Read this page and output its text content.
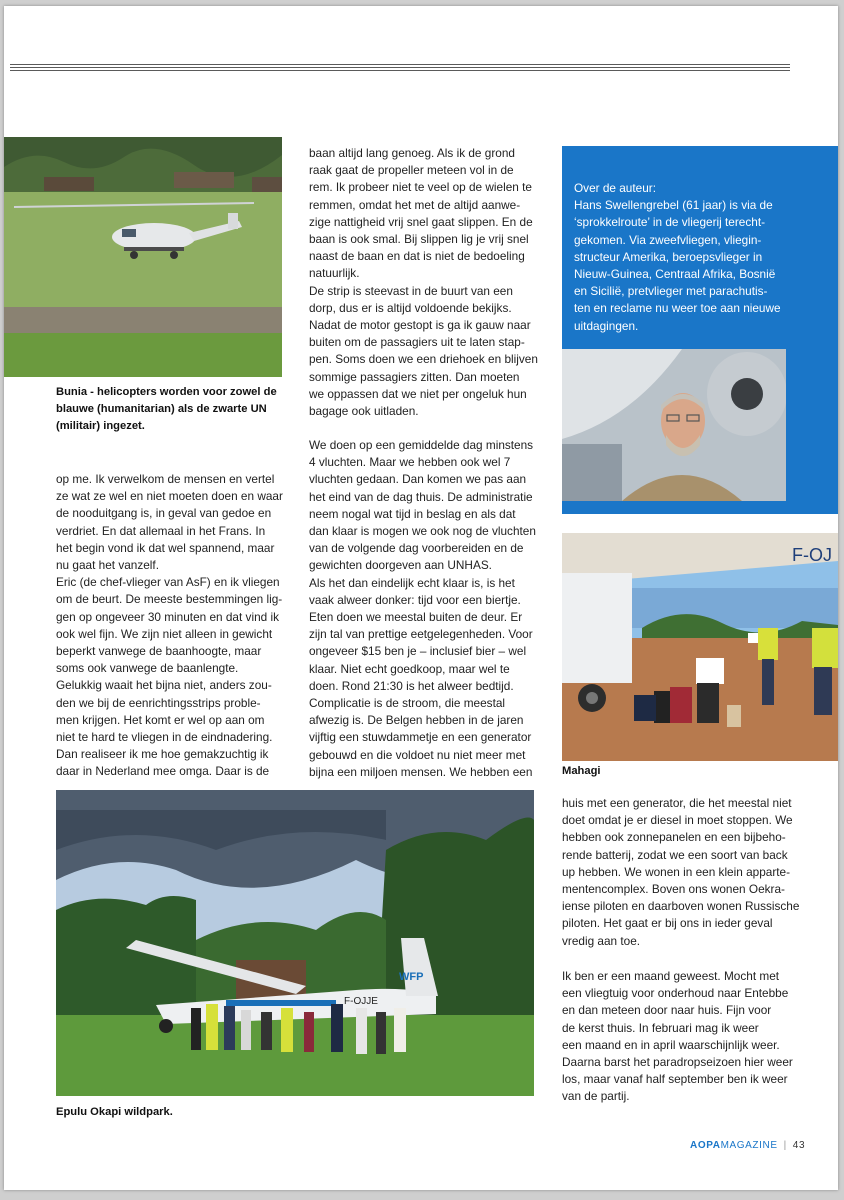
Bunia - helicopters worden voor zowel de
blauwe (humanitarian) als de zwarte UN
(militair) ingezet.
op me. Ik verwelkom de mensen en vertel
ze wat ze wel en niet moeten doen en waar
de nooduitgang is, in geval van gedoe en
verdriet. En dat allemaal in het Frans. In
het begin vond ik dat wel spannend, maar
nu gaat het vanzelf.
Eric (de chef-vlieger van AsF) en ik vliegen
om de beurt. De meeste bestemmingen lig-
gen op ongeveer 30 minuten en dat vind ik
ook wel fijn. We zijn niet alleen in gewicht
beperkt vanwege de baanhoogte, maar
soms ook vanwege de baanlengte.
Gelukkig waait het bijna niet, anders zou-
den we bij de eenrichtingsstrips proble-
men krijgen. Het komt er wel op aan om
niet te hard te vliegen in de eindnadering.
Dan realiseer ik me hoe gemakzuchtig ik
daar in Nederland mee omga. Daar is de
baan altijd lang genoeg. Als ik de grond
raak gaat de propeller meteen vol in de
rem. Ik probeer niet te veel op de wielen te
remmen, omdat het met de altijd aanwe-
zige nattigheid vrij snel gaat slippen. En de
baan is ook smal. Bij slippen lig je vrij snel
naast de baan en dat is niet de bedoeling
natuurlijk.
De strip is steevast in de buurt van een
dorp, dus er is altijd voldoende bekijks.
Nadat de motor gestopt is ga ik gauw naar
buiten om de passagiers uit te laten stap-
pen. Soms doen we een driehoek en blijven
sommige passagiers zitten. Dan moeten
we oppassen dat we niet per ongeluk hun
bagage ook uitladen.
We doen op een gemiddelde dag minstens
4 vluchten. Maar we hebben ook wel 7
vluchten gedaan. Dan komen we pas aan
het eind van de dag thuis. De administratie
neem nogal wat tijd in beslag en als dat
dan klaar is mogen we ook nog de vluchten
van de volgende dag voorbereiden en de
gewichten doorgeven aan UNHAS.
Als het dan eindelijk echt klaar is, is het
vaak alweer donker: tijd voor een biertje.
Eten doen we meestal buiten de deur. Er
zijn tal van prettige eetgelegenheden. Voor
ongeveer $15 ben je – inclusief bier – wel
klaar. Niet echt goedkoop, maar wel te
doen. Rond 21:30 is het alweer bedtijd.
Complicatie is de stroom, die meestal
afwezig is. De Belgen hebben in de jaren
vijftig een stuwdammetje en een generator
gebouwd en die voldoet nu niet meer met
bijna een miljoen mensen. We hebben een
Over de auteur:
Hans Swellengrebel (61 jaar) is via de
‘sprokkelroute’ in de vliegerij terecht-
gekomen. Via zweefvliegen, vliegin-
structeur Amerika, beroepsvlieger in
Nieuw-Guinea, Centraal Afrika, Bosnië
en Sicilië, pretvlieger met parachutis-
ten en reclame nu weer toe aan nieuwe
uitdagingen.
F-OJ
Mahagi
WFP
F-OJJE
Epulu Okapi wildpark.
huis met een generator, die het meestal niet
doet omdat je er diesel in moet stoppen. We
hebben ook zonnepanelen en een bijbeho-
rende batterij, zodat we een soort van back
up hebben. We wonen in een klein apparte-
mentencomplex. Boven ons wonen Oekra-
iense piloten en daarboven wonen Russische
piloten. Het gaat er bij ons in ieder geval
vredig aan toe.
Ik ben er een maand geweest. Mocht met
een vliegtuig voor onderhoud naar Entebbe
en dan meteen door naar huis. Fijn voor
de kerst thuis. In februari mag ik weer
een maand en in april waarschijnlijk weer.
Daarna barst het paradropseizoen hier weer
los, maar vanaf half september ben ik weer
van de partij.
AOPAMAGAZINE | 43
